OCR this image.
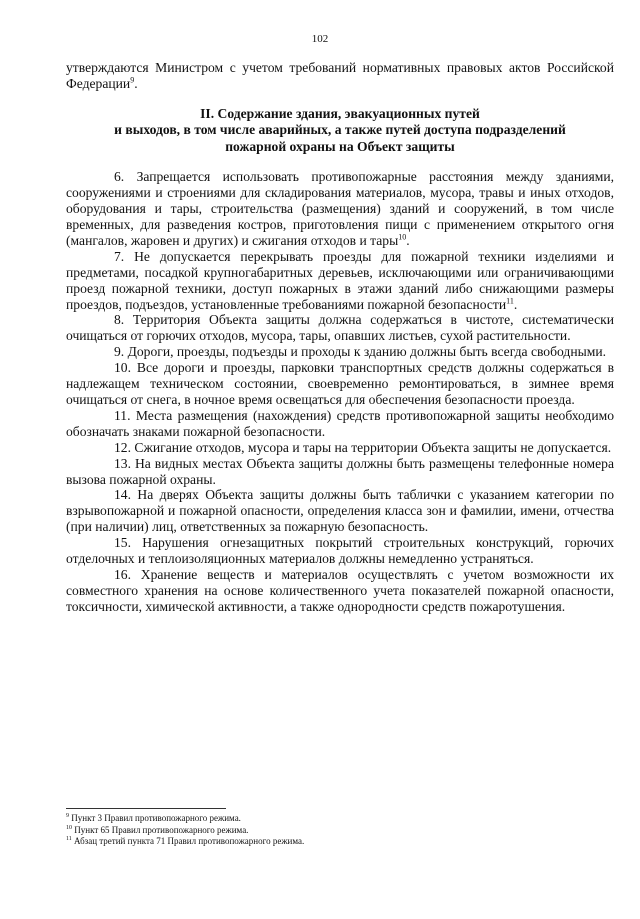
102

утверждаются Министром с учетом требований нормативных правовых актов Российской Федерации$^9$.

II. Содержание здания, эвакуационных путей
и выходов, в том числе аварийных, а также путей доступа подразделений
пожарной охраны на Объект защиты

6. Запрещается использовать противопожарные расстояния между зданиями, сооружениями и строениями для складирования материалов, мусора, травы и иных отходов, оборудования и тары, строительства (размещения) зданий и сооружений, в том числе временных, для разведения костров, приготовления пищи с применением открытого огня (мангалов, жаровен и других) и сжигания отходов и тары$^{10}$.

7. Не допускается перекрывать проезды для пожарной техники изделиями и предметами, посадкой крупногабаритных деревьев, исключающими или ограничивающими проезд пожарной техники, доступ пожарных в этажи зданий либо снижающими размеры проездов, подъездов, установленные требованиями пожарной безопасности$^{11}$.

8. Территория Объекта защиты должна содержаться в чистоте, систематически очищаться от горючих отходов, мусора, тары, опавших листьев, сухой растительности.

9. Дороги, проезды, подъезды и проходы к зданию должны быть всегда свободными.

10. Все дороги и проезды, парковки транспортных средств должны содержаться в надлежащем техническом состоянии, своевременно ремонтироваться, в зимнее время очищаться от снега, в ночное время освещаться для обеспечения безопасности проезда.

11. Места размещения (нахождения) средств противопожарной защиты необходимо обозначать знаками пожарной безопасности.

12. Сжигание отходов, мусора и тары на территории Объекта защиты не допускается.

13. На видных местах Объекта защиты должны быть размещены телефонные номера вызова пожарной охраны.

14. На дверях Объекта защиты должны быть таблички с указанием категории по взрывопожарной и пожарной опасности, определения класса зон и фамилии, имени, отчества (при наличии) лиц, ответственных за пожарную безопасность.

15. Нарушения огнезащитных покрытий строительных конструкций, горючих отделочных и теплоизоляционных материалов должны немедленно устраняться.

16. Хранение веществ и материалов осуществлять с учетом возможности их совместного хранения на основе количественного учета показателей пожарной опасности, токсичности, химической активности, а также однородности средств пожаротушения.

$^9$ Пункт 3 Правил противопожарного режима.

$^{10}$ Пункт 65 Правил противопожарного режима.

$^{11}$ Абзац третий пункта 71 Правил противопожарного режима.
